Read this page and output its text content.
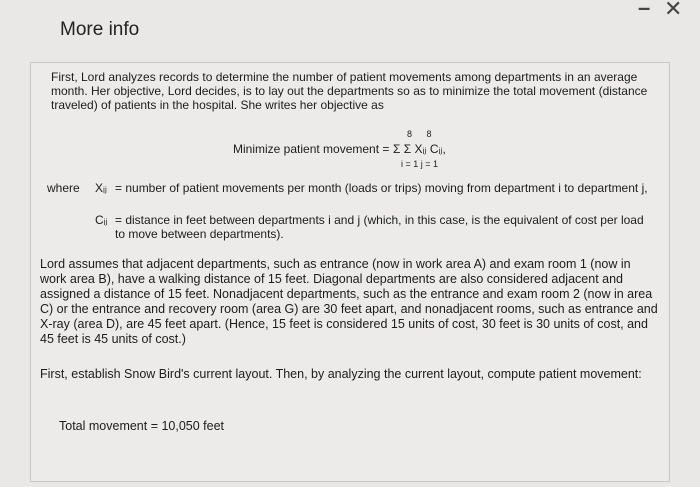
More info
– ✕
First, Lord analyzes records to determine the number of patient movements among departments in an average month. Her objective, Lord decides, is to lay out the departments so as to minimize the total movement (distance traveled) of patients in the hospital. She writes her objective as
Minimize patient movement =
8 8
Σ Σ Xᵢⱼ Cᵢⱼ,
i = 1 j = 1
where Xᵢⱼ = number of patient movements per month (loads or trips) moving from department i to department j,
Cᵢⱼ = distance in feet between departments i and j (which, in this case, is the equivalent of cost per load to move between departments).
Lord assumes that adjacent departments, such as entrance (now in work area A) and exam room 1 (now in work area B), have a walking distance of 15 feet. Diagonal departments are also considered adjacent and assigned a distance of 15 feet. Nonadjacent departments, such as the entrance and exam room 2 (now in area C) or the entrance and recovery room (area G) are 30 feet apart, and nonadjacent rooms, such as entrance and X-ray (area D), are 45 feet apart. (Hence, 15 feet is considered 15 units of cost, 30 feet is 30 units of cost, and 45 feet is 45 units of cost.)
First, establish Snow Bird's current layout. Then, by analyzing the current layout, compute patient movement:
Total movement = 10,050 feet
